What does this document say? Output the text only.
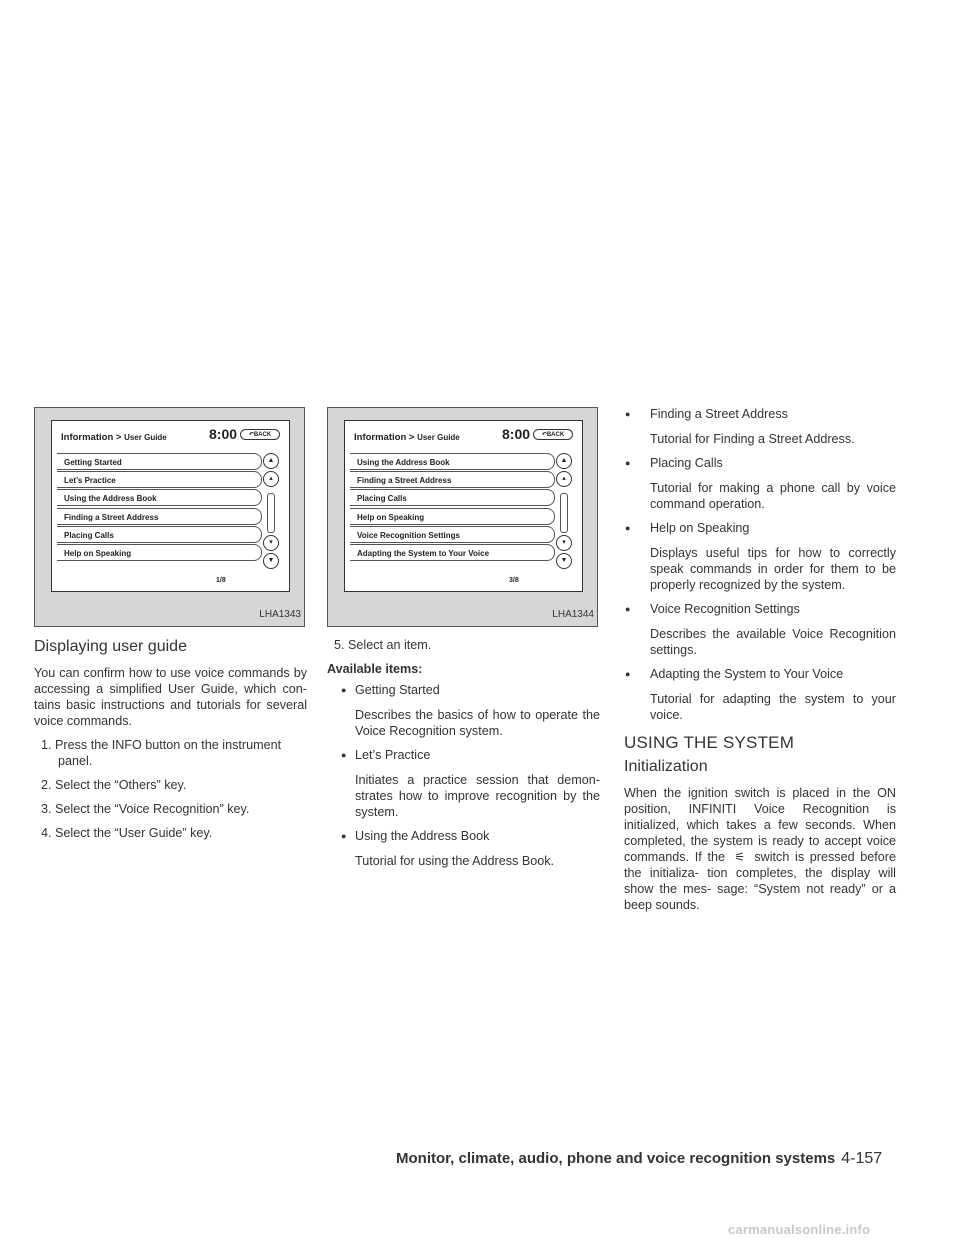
Information > User Guide	8:00	↶BACK
Getting Started
Let’s Practice
Using the Address Book
Finding a Street Address
Placing Calls
Help on Speaking
▲
▴
▾
▼
1/8
LHA1343
Displaying user guide

You can confirm how to use voice commands by accessing a simplified User Guide, which con- tains basic instructions and tutorials for several voice commands.

1. Press the INFO button on the instrument panel.
2. Select the “Others” key.
3. Select the “Voice Recognition” key.
4. Select the “User Guide” key.
Information > User Guide	8:00	↶BACK
Using the Address Book
Finding a Street Address
Placing Calls
Help on Speaking
Voice Recognition Settings
Adapting the System to Your Voice
▲
▴
▾
▼
3/8
LHA1344
5. Select an item.
Available items:
● Getting Started
Describes the basics of how to operate the Voice Recognition system.
● Let’s Practice
Initiates a practice session that demon- strates how to improve recognition by the system.
● Using the Address Book
Tutorial for using the Address Book.
● Finding a Street Address
Tutorial for Finding a Street Address.
● Placing Calls
Tutorial for making a phone call by voice command operation.
● Help on Speaking
Displays useful tips for how to correctly speak commands in order for them to be properly recognized by the system.
● Voice Recognition Settings
Describes the available Voice Recognition settings.
● Adapting the System to Your Voice
Tutorial for adapting the system to your voice.
USING THE SYSTEM
Initialization

When the ignition switch is placed in the ON position, INFINITI Voice Recognition is initialized, which takes a few seconds. When completed, the system is ready to accept voice commands. If the ⚟ switch is pressed before the initializa- tion completes, the display will show the mes- sage: “System not ready” or a beep sounds.

Monitor, climate, audio, phone and voice recognition systems 4-157
carmanualsonline.info
